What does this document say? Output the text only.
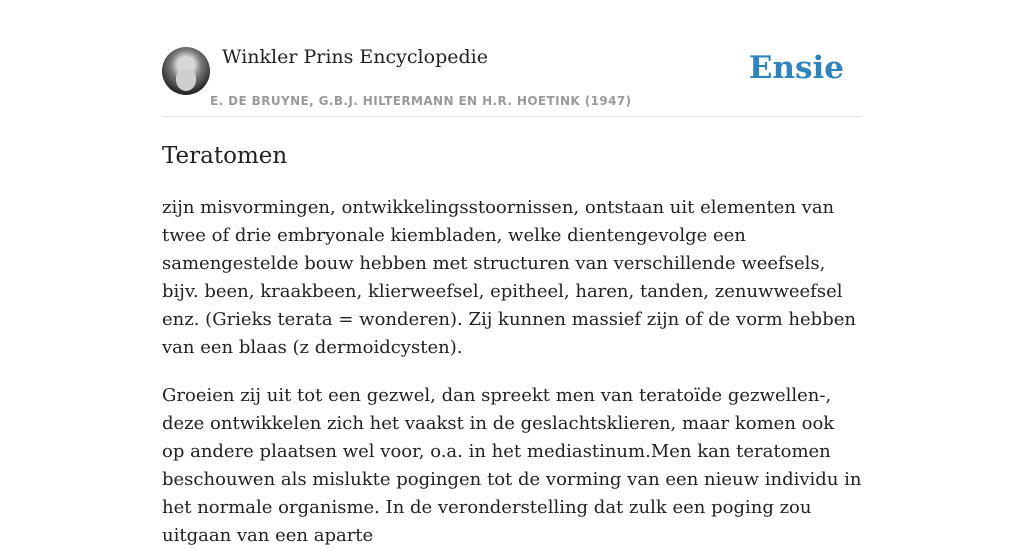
Winkler Prins Encyclopedie
E. DE BRUYNE, G.B.J. HILTERMANN EN H.R. HOETINK (1947)
Ensie
Teratomen

zijn misvormingen, ontwikkelingsstoornissen, ontstaan uit elementen van twee of drie embryonale kiembladen, welke dientengevolge een samengestelde bouw hebben met structuren van verschillende weefsels, bijv. been, kraakbeen, klierweefsel, epitheel, haren, tanden, zenuwweefsel enz. (Grieks terata = wonderen). Zij kunnen massief zijn of de vorm hebben van een blaas (z dermoidcysten).

Groeien zij uit tot een gezwel, dan spreekt men van teratoïde gezwellen-, deze ontwikkelen zich het vaakst in de geslachtsklieren, maar komen ook op andere plaatsen wel voor, o.a. in het mediastinum.Men kan teratomen beschouwen als mislukte pogingen tot de vorming van een nieuw individu in het normale organisme. In de veronderstelling dat zulk een poging zou uitgaan van een aparte
